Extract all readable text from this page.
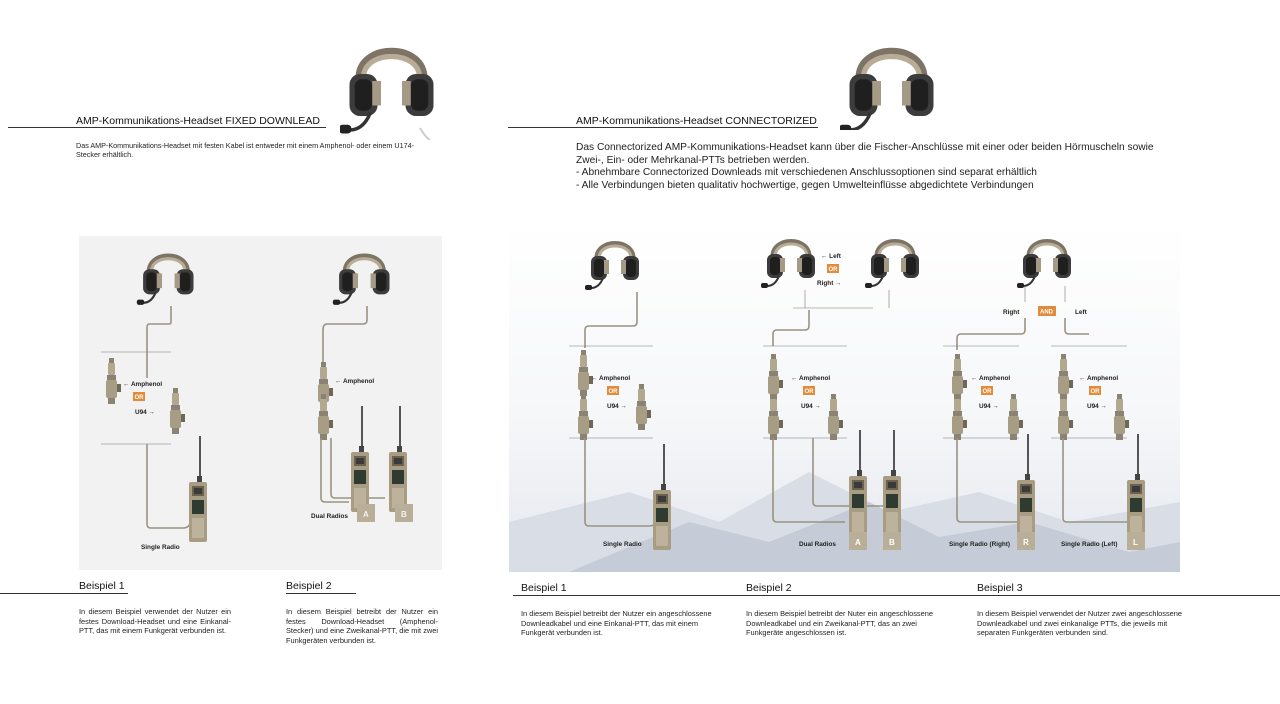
AMP-Kommunikations-Headset FIXED DOWNLEAD
Das AMP-Kommunikations-Headset mit festen Kabel ist entweder mit einem Amphenol- oder einem U174-Stecker erhältlich.
← Amphenol
OR
U94 →
Single Radio
← Amphenol
A	B
Dual Radios
AMP-Kommunikations-Headset CONNECTORIZED
Das Connectorized AMP-Kommunikations-Headset kann über die Fischer-Anschlüsse mit einer oder beiden Hörmuscheln sowie
Zwei-, Ein- oder Mehrkanal-PTTs betrieben werden.
- Abnehmbare Connectorized Downleads mit verschiedenen Anschlussoptionen sind separat erhältlich
- Alle Verbindungen bieten qualitativ hochwertige, gegen Umwelteinflüsse abgedichtete Verbindungen
← Amphenol
OR
U94 →
Single Radio
← Left
OR
Right →
← Amphenol
OR
U94 →
A	B
Dual Radios
Right	AND	Left
← Amphenol
OR
U94 →
← Amphenol
OR
U94 →
R	L
Single Radio (Right)	Single Radio (Left)
Beispiel 1
In diesem Beispiel verwendet der Nutzer ein festes Download-Headset und eine Einkanal-PTT, das mit einem Funkgerät verbunden ist.
Beispiel 2
In diesem Beispiel betreibt der Nutzer ein festes Download-Headset (Amphenol-Stecker) und eine Zweikanal-PTT, die mit zwei Funkgeräten verbunden ist.
Beispiel 1
In diesem Beispiel betreibt der Nutzer ein angeschlossene Downleadkabel und eine Einkanal-PTT, das mit einem Funkgerät verbunden ist.
Beispiel 2
In diesem Beispiel betreibt der Nuter ein angeschlossene Downleadkabel und ein Zweikanal-PTT, das an zwei Funkgeräte angeschlossen ist.
Beispiel 3
In diesem Beispiel verwendet der Nutzer zwei angeschlossene Downleadkabel und zwei einkanalige PTTs, die jeweils mit separaten Funkgeräten verbunden sind.
